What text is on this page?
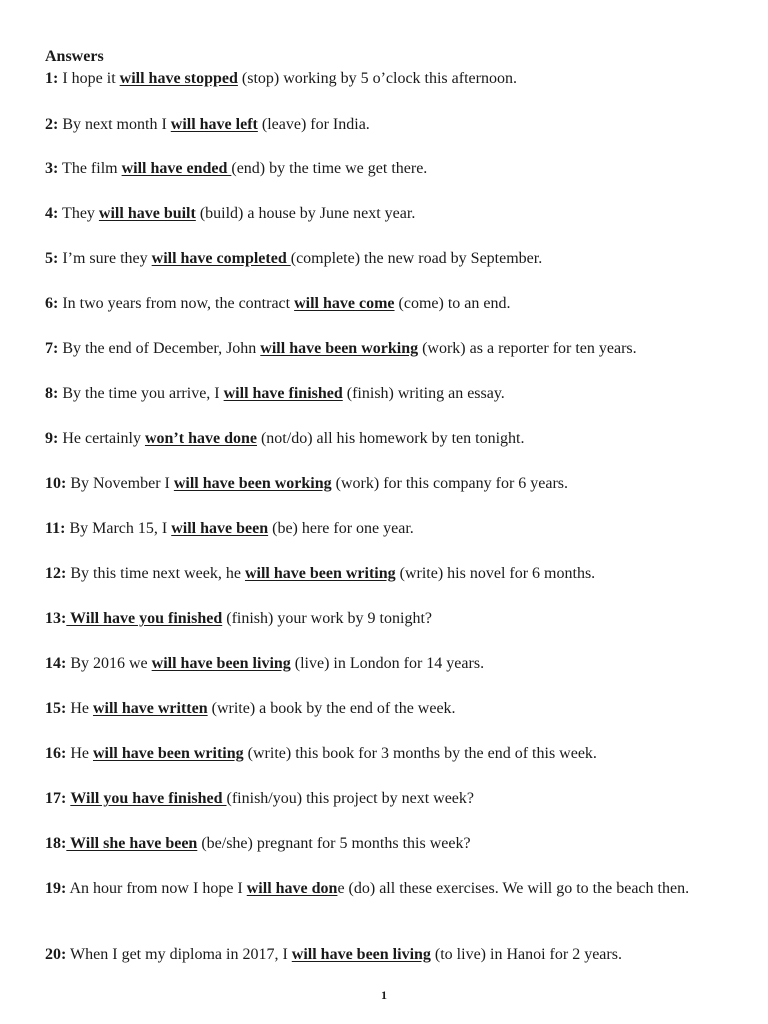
Answers
1: I hope it will have stopped (stop) working by 5 o’clock this afternoon.
2: By next month I will have left (leave) for India.
3: The film will have ended (end) by the time we get there.
4: They will have built (build) a house by June next year.
5: I’m sure they will have completed (complete) the new road by September.
6: In two years from now, the contract will have come (come) to an end.
7: By the end of December, John will have been working (work) as a reporter for ten years.
8: By the time you arrive, I will have finished (finish) writing an essay.
9: He certainly won’t have done (not/do) all his homework by ten tonight.
10: By November I will have been working (work) for this company for 6 years.
11: By March 15, I will have been (be) here for one year.
12: By this time next week, he will have been writing (write) his novel for 6 months.
13: Will have you finished (finish) your work by 9 tonight?
14: By 2016 we will have been living (live) in London for 14 years.
15: He will have written (write) a book by the end of the week.
16: He will have been writing (write) this book for 3 months by the end of this week.
17: Will you have finished (finish/you) this project by next week?
18: Will she have been (be/she) pregnant for 5 months this week?
19: An hour from now I hope I will have done (do) all these exercises. We will go to the beach then.
20: When I get my diploma in 2017, I will have been living (to live) in Hanoi for 2 years.
1
